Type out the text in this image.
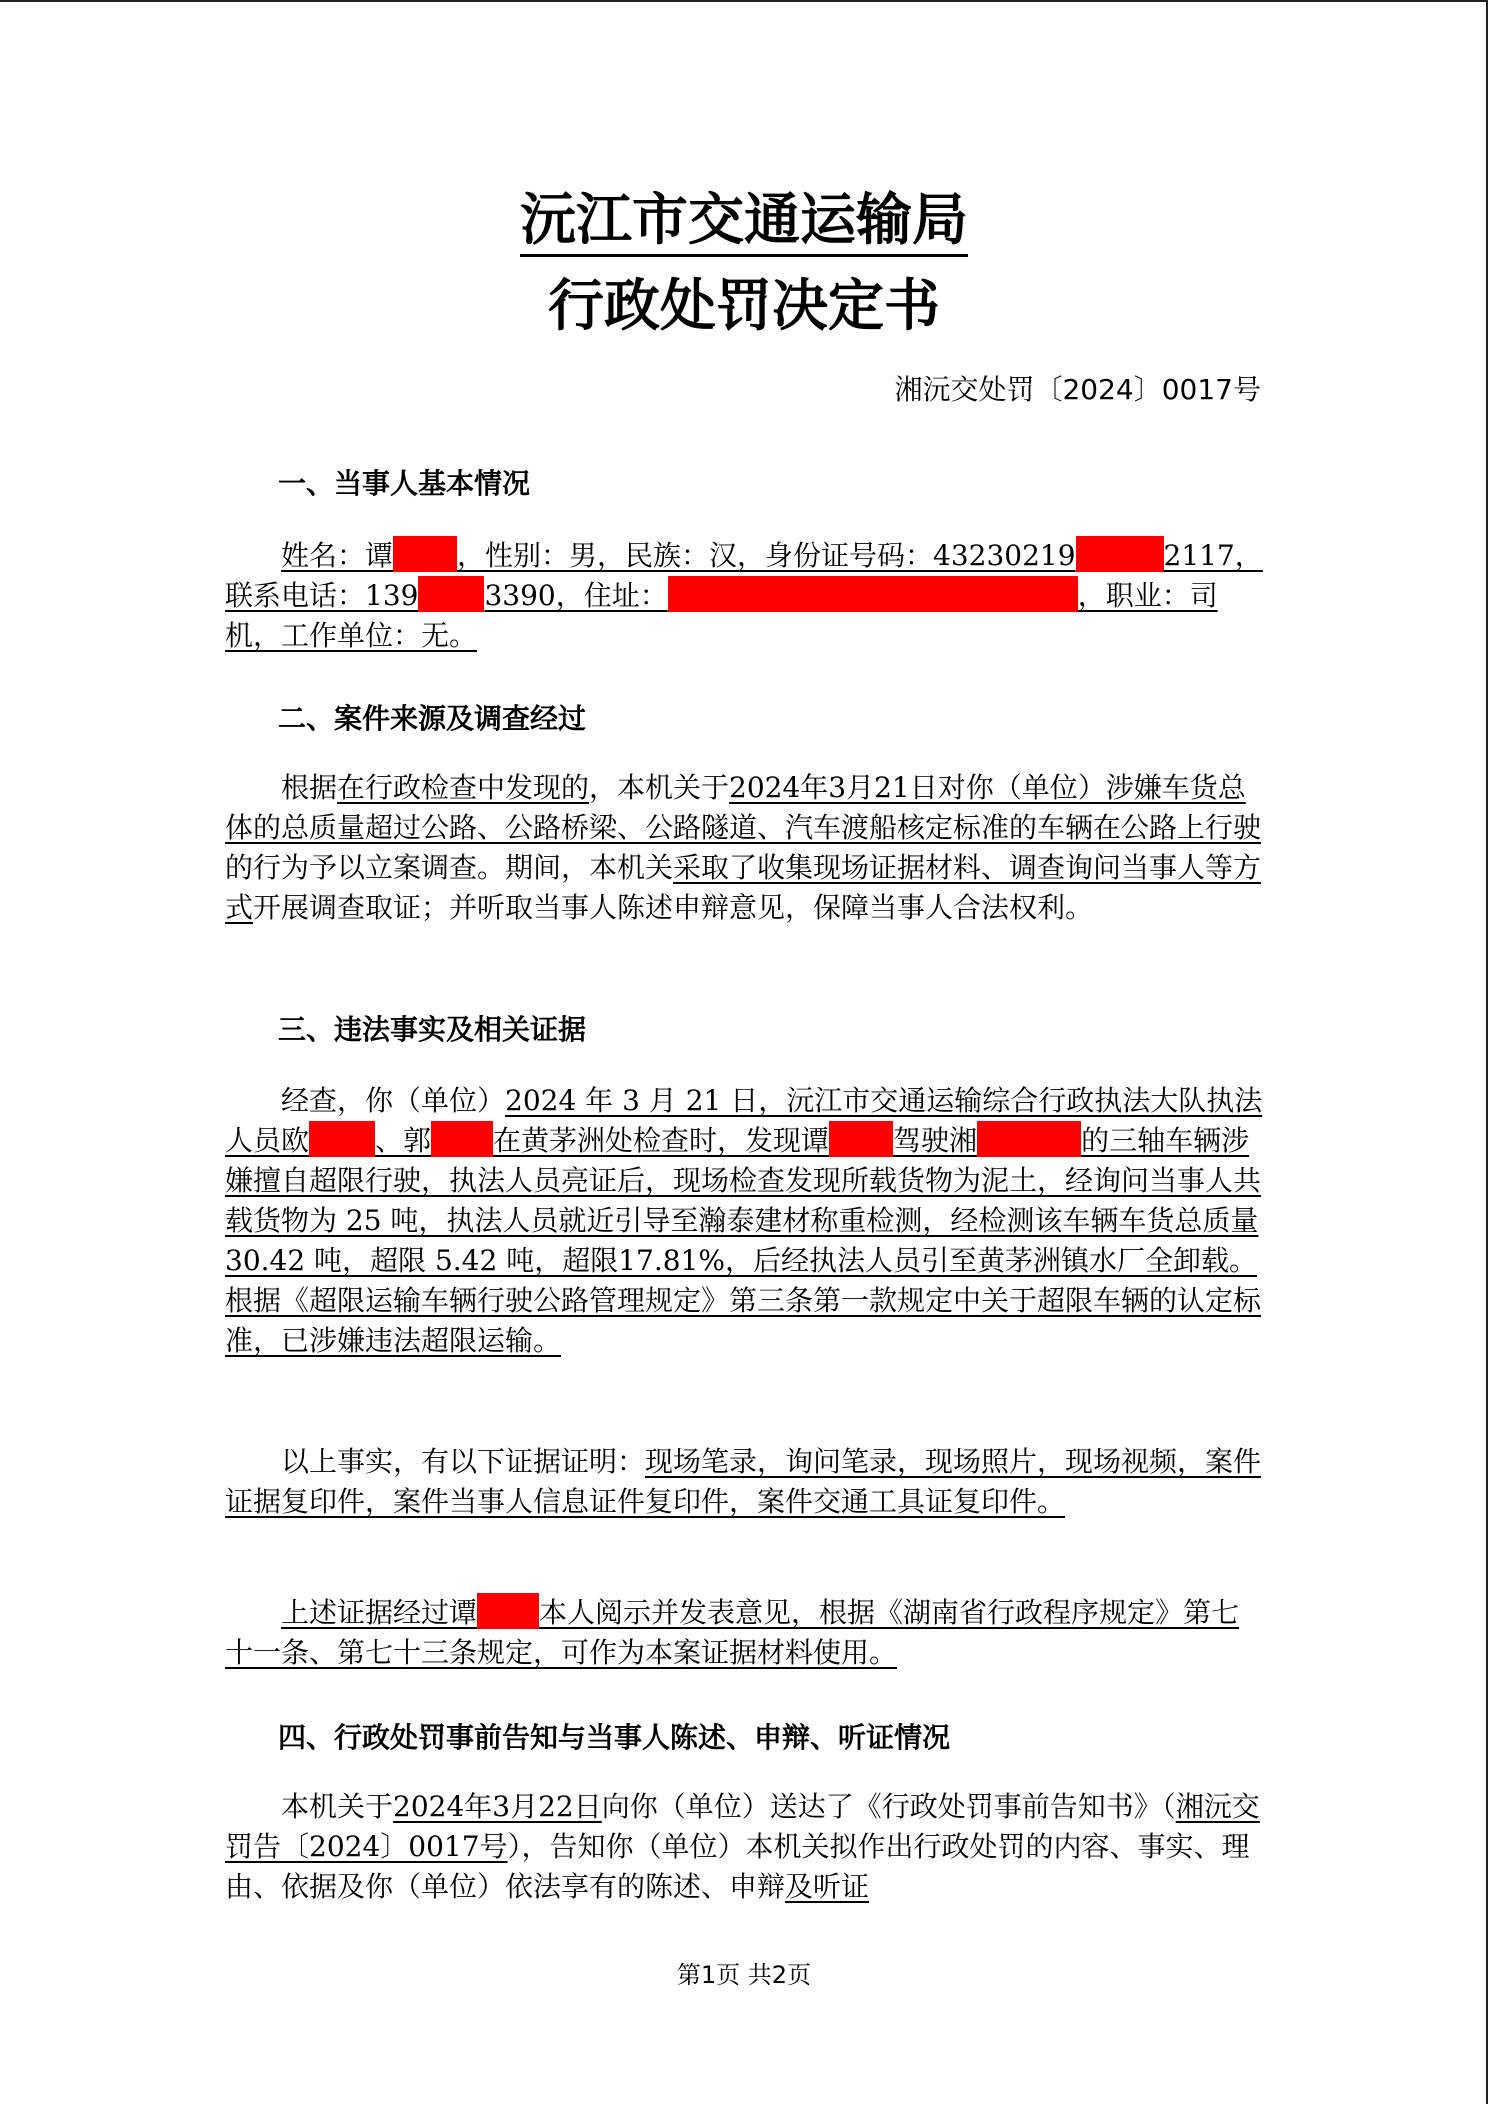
沅江市交通运输局
行政处罚决定书
湘沅交处罚〔2024〕0017号
一、当事人基本情况
姓名：谭 ，性别：男，民族：汉，身份证号码：43230219	2117，联系电话：139 3390，住址：	，职业：司机，工作单位：无。
二、案件来源及调查经过
根据在行政检查中发现的，本机关于2024年3月21日对你（单位）涉嫌车货总体的总质量超过公路、公路桥梁、公路隧道、汽车渡船核定标准的车辆在公路上行驶的行为予以立案调查。期间，本机关采取了收集现场证据材料、调查询问当事人等方式开展调查取证；并听取当事人陈述申辩意见，保障当事人合法权利。
三、违法事实及相关证据
经查，你（单位）2024 年 3 月 21 日，沅江市交通运输综合行政执法大队执法人员欧 、郭 在黄茅洲处检查时，发现谭 驾驶湘	的三轴车辆涉嫌擅自超限行驶，执法人员亮证后，现场检查发现所载货物为泥土，经询问当事人共载货物为 25 吨，执法人员就近引导至瀚泰建材称重检测，经检测该车辆车货总质量 30.42 吨，超限 5.42 吨，超限17.81%，后经执法人员引至黄茅洲镇水厂全卸载。根据《超限运输车辆行驶公路管理规定》第三条第一款规定中关于超限车辆的认定标准，已涉嫌违法超限运输。
以上事实，有以下证据证明：现场笔录，询问笔录，现场照片，现场视频，案件证据复印件，案件当事人信息证件复印件，案件交通工具证复印件。
上述证据经过谭 本人阅示并发表意见，根据《湖南省行政程序规定》第七十一条、第七十三条规定，可作为本案证据材料使用。
四、行政处罚事前告知与当事人陈述、申辩、听证情况
本机关于2024年3月22日向你（单位）送达了《行政处罚事前告知书》（湘沅交罚告〔2024〕0017号），告知你（单位）本机关拟作出行政处罚的内容、事实、理由、依据及你（单位）依法享有的陈述、申辩及听证
第1页 共2页
